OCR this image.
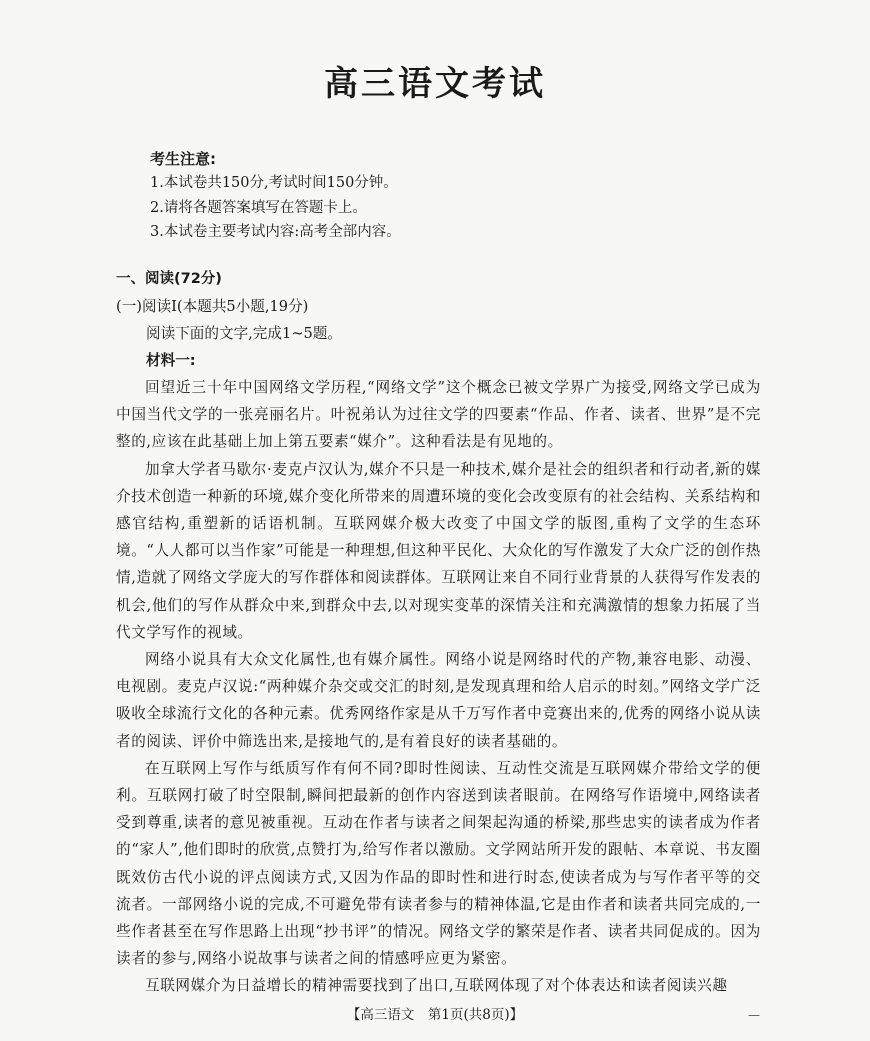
高三语文考试
考生注意:
1.本试卷共150分,考试时间150分钟。
2.请将各题答案填写在答题卡上。
3.本试卷主要考试内容:高考全部内容。
一、阅读(72分)
(一)阅读Ⅰ(本题共5小题,19分)
阅读下面的文字,完成1~5题。
材料一:

回望近三十年中国网络文学历程,“网络文学”这个概念已被文学界广为接受,网络文学已成为中国当代文学的一张亮丽名片。叶祝弟认为过往文学的四要素“作品、作者、读者、世界”是不完整的,应该在此基础上加上第五要素“媒介”。这种看法是有见地的。

加拿大学者马歇尔·麦克卢汉认为,媒介不只是一种技术,媒介是社会的组织者和行动者,新的媒介技术创造一种新的环境,媒介变化所带来的周遭环境的变化会改变原有的社会结构、关系结构和感官结构,重塑新的话语机制。互联网媒介极大改变了中国文学的版图,重构了文学的生态环境。“人人都可以当作家”可能是一种理想,但这种平民化、大众化的写作激发了大众广泛的创作热情,造就了网络文学庞大的写作群体和阅读群体。互联网让来自不同行业背景的人获得写作发表的机会,他们的写作从群众中来,到群众中去,以对现实变革的深情关注和充满激情的想象力拓展了当代文学写作的视域。

网络小说具有大众文化属性,也有媒介属性。网络小说是网络时代的产物,兼容电影、动漫、电视剧。麦克卢汉说:“两种媒介杂交或交汇的时刻,是发现真理和给人启示的时刻。”网络文学广泛吸收全球流行文化的各种元素。优秀网络作家是从千万写作者中竞赛出来的,优秀的网络小说从读者的阅读、评价中筛选出来,是接地气的,是有着良好的读者基础的。

在互联网上写作与纸质写作有何不同?即时性阅读、互动性交流是互联网媒介带给文学的便利。互联网打破了时空限制,瞬间把最新的创作内容送到读者眼前。在网络写作语境中,网络读者受到尊重,读者的意见被重视。互动在作者与读者之间架起沟通的桥梁,那些忠实的读者成为作者的“家人”,他们即时的欣赏,点赞打为,给写作者以激励。文学网站所开发的跟帖、本章说、书友圈既效仿古代小说的评点阅读方式,又因为作品的即时性和进行时态,使读者成为与写作者平等的交流者。一部网络小说的完成,不可避免带有读者参与的精神体温,它是由作者和读者共同完成的,一些作者甚至在写作思路上出现“抄书评”的情况。网络文学的繁荣是作者、读者共同促成的。因为读者的参与,网络小说故事与读者之间的情感呼应更为紧密。

互联网媒介为日益增长的精神需要找到了出口,互联网体现了对个体表达和读者阅读兴趣

【高三语文　第1页(共8页)】	—
